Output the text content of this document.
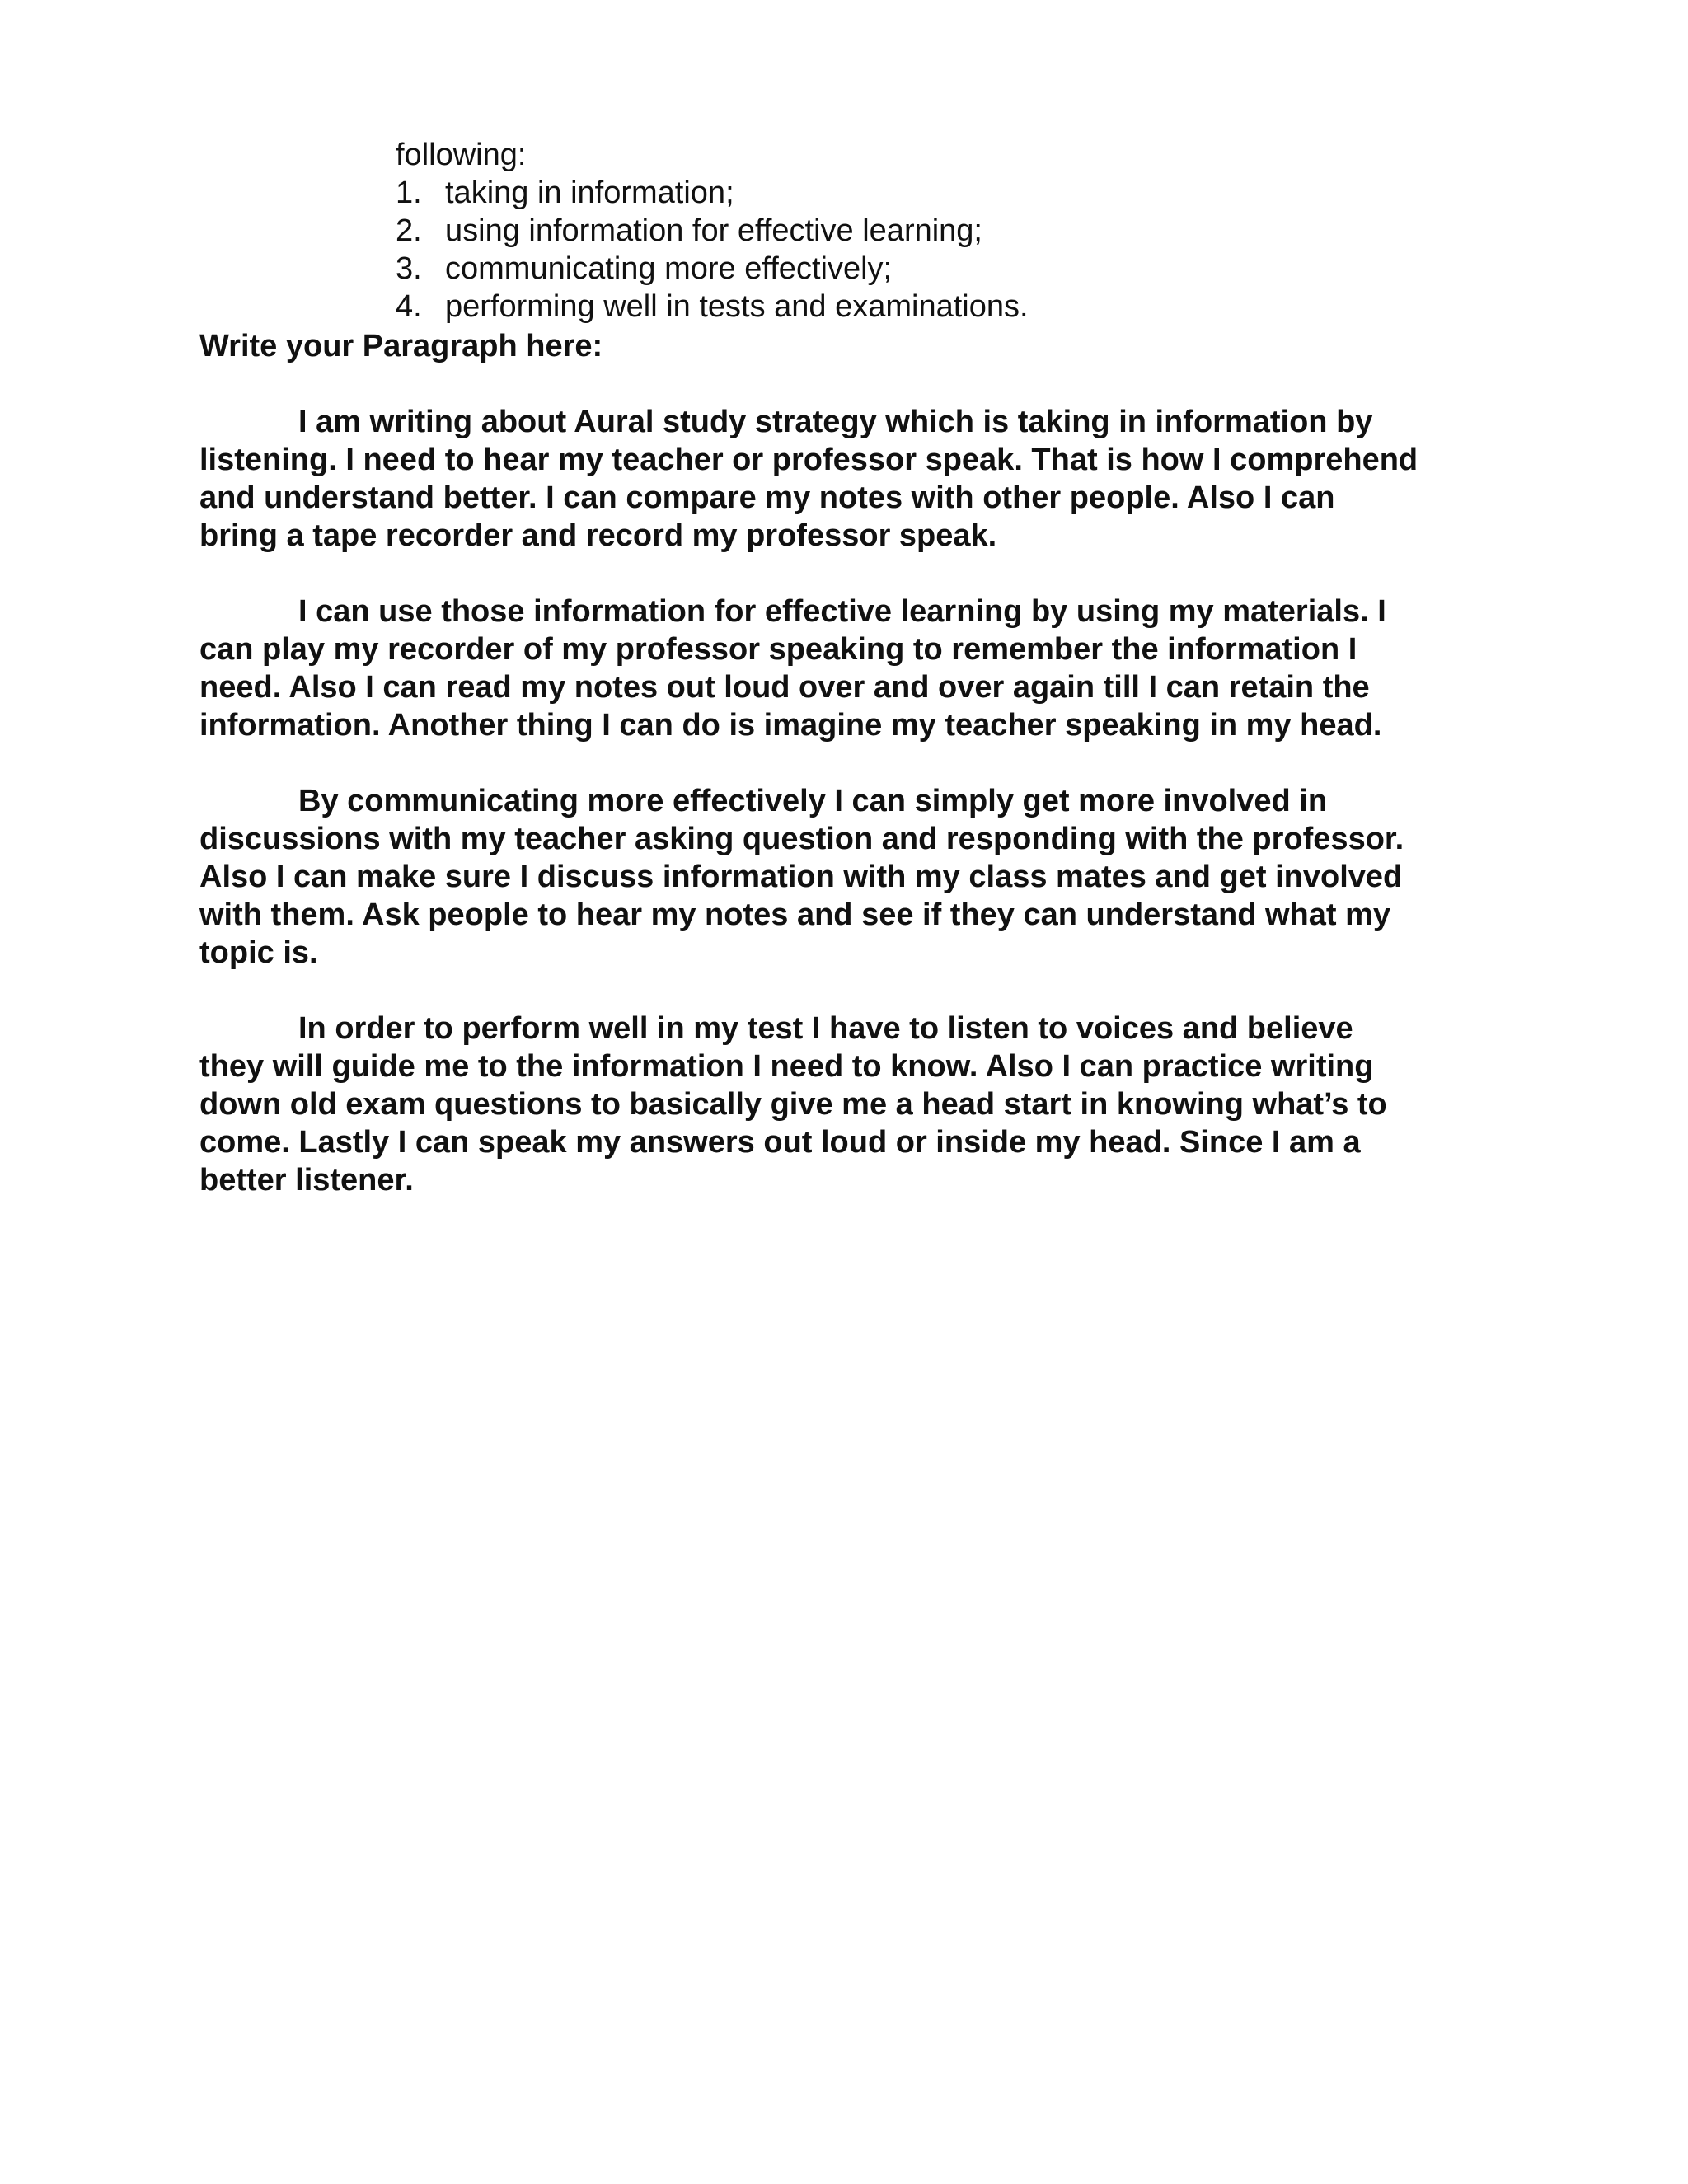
following:

1. taking in information;
2. using information for effective learning;
3. communicating more effectively;
4. performing well in tests and examinations.

Write your Paragraph here:

I am writing about Aural study strategy which is taking in information by
listening. I need to hear my teacher or professor speak. That is how I comprehend
and understand better. I can compare my notes with other people. Also I can
bring a tape recorder and record my professor speak.

I can use those information for effective learning by using my materials. I
can play my recorder of my professor speaking to remember the information I
need. Also I can read my notes out loud over and over again till I can retain the
information. Another thing I can do is imagine my teacher speaking in my head.

By communicating more effectively I can simply get more involved in
discussions with my teacher asking question and responding with the professor.
Also I can make sure I discuss information with my class mates and get involved
with them. Ask people to hear my notes and see if they can understand what my
topic is.

In order to perform well in my test I have to listen to voices and believe
they will guide me to the information I need to know. Also I can practice writing
down old exam questions to basically give me a head start in knowing what’s to
come. Lastly I can speak my answers out loud or inside my head. Since I am a
better listener.
